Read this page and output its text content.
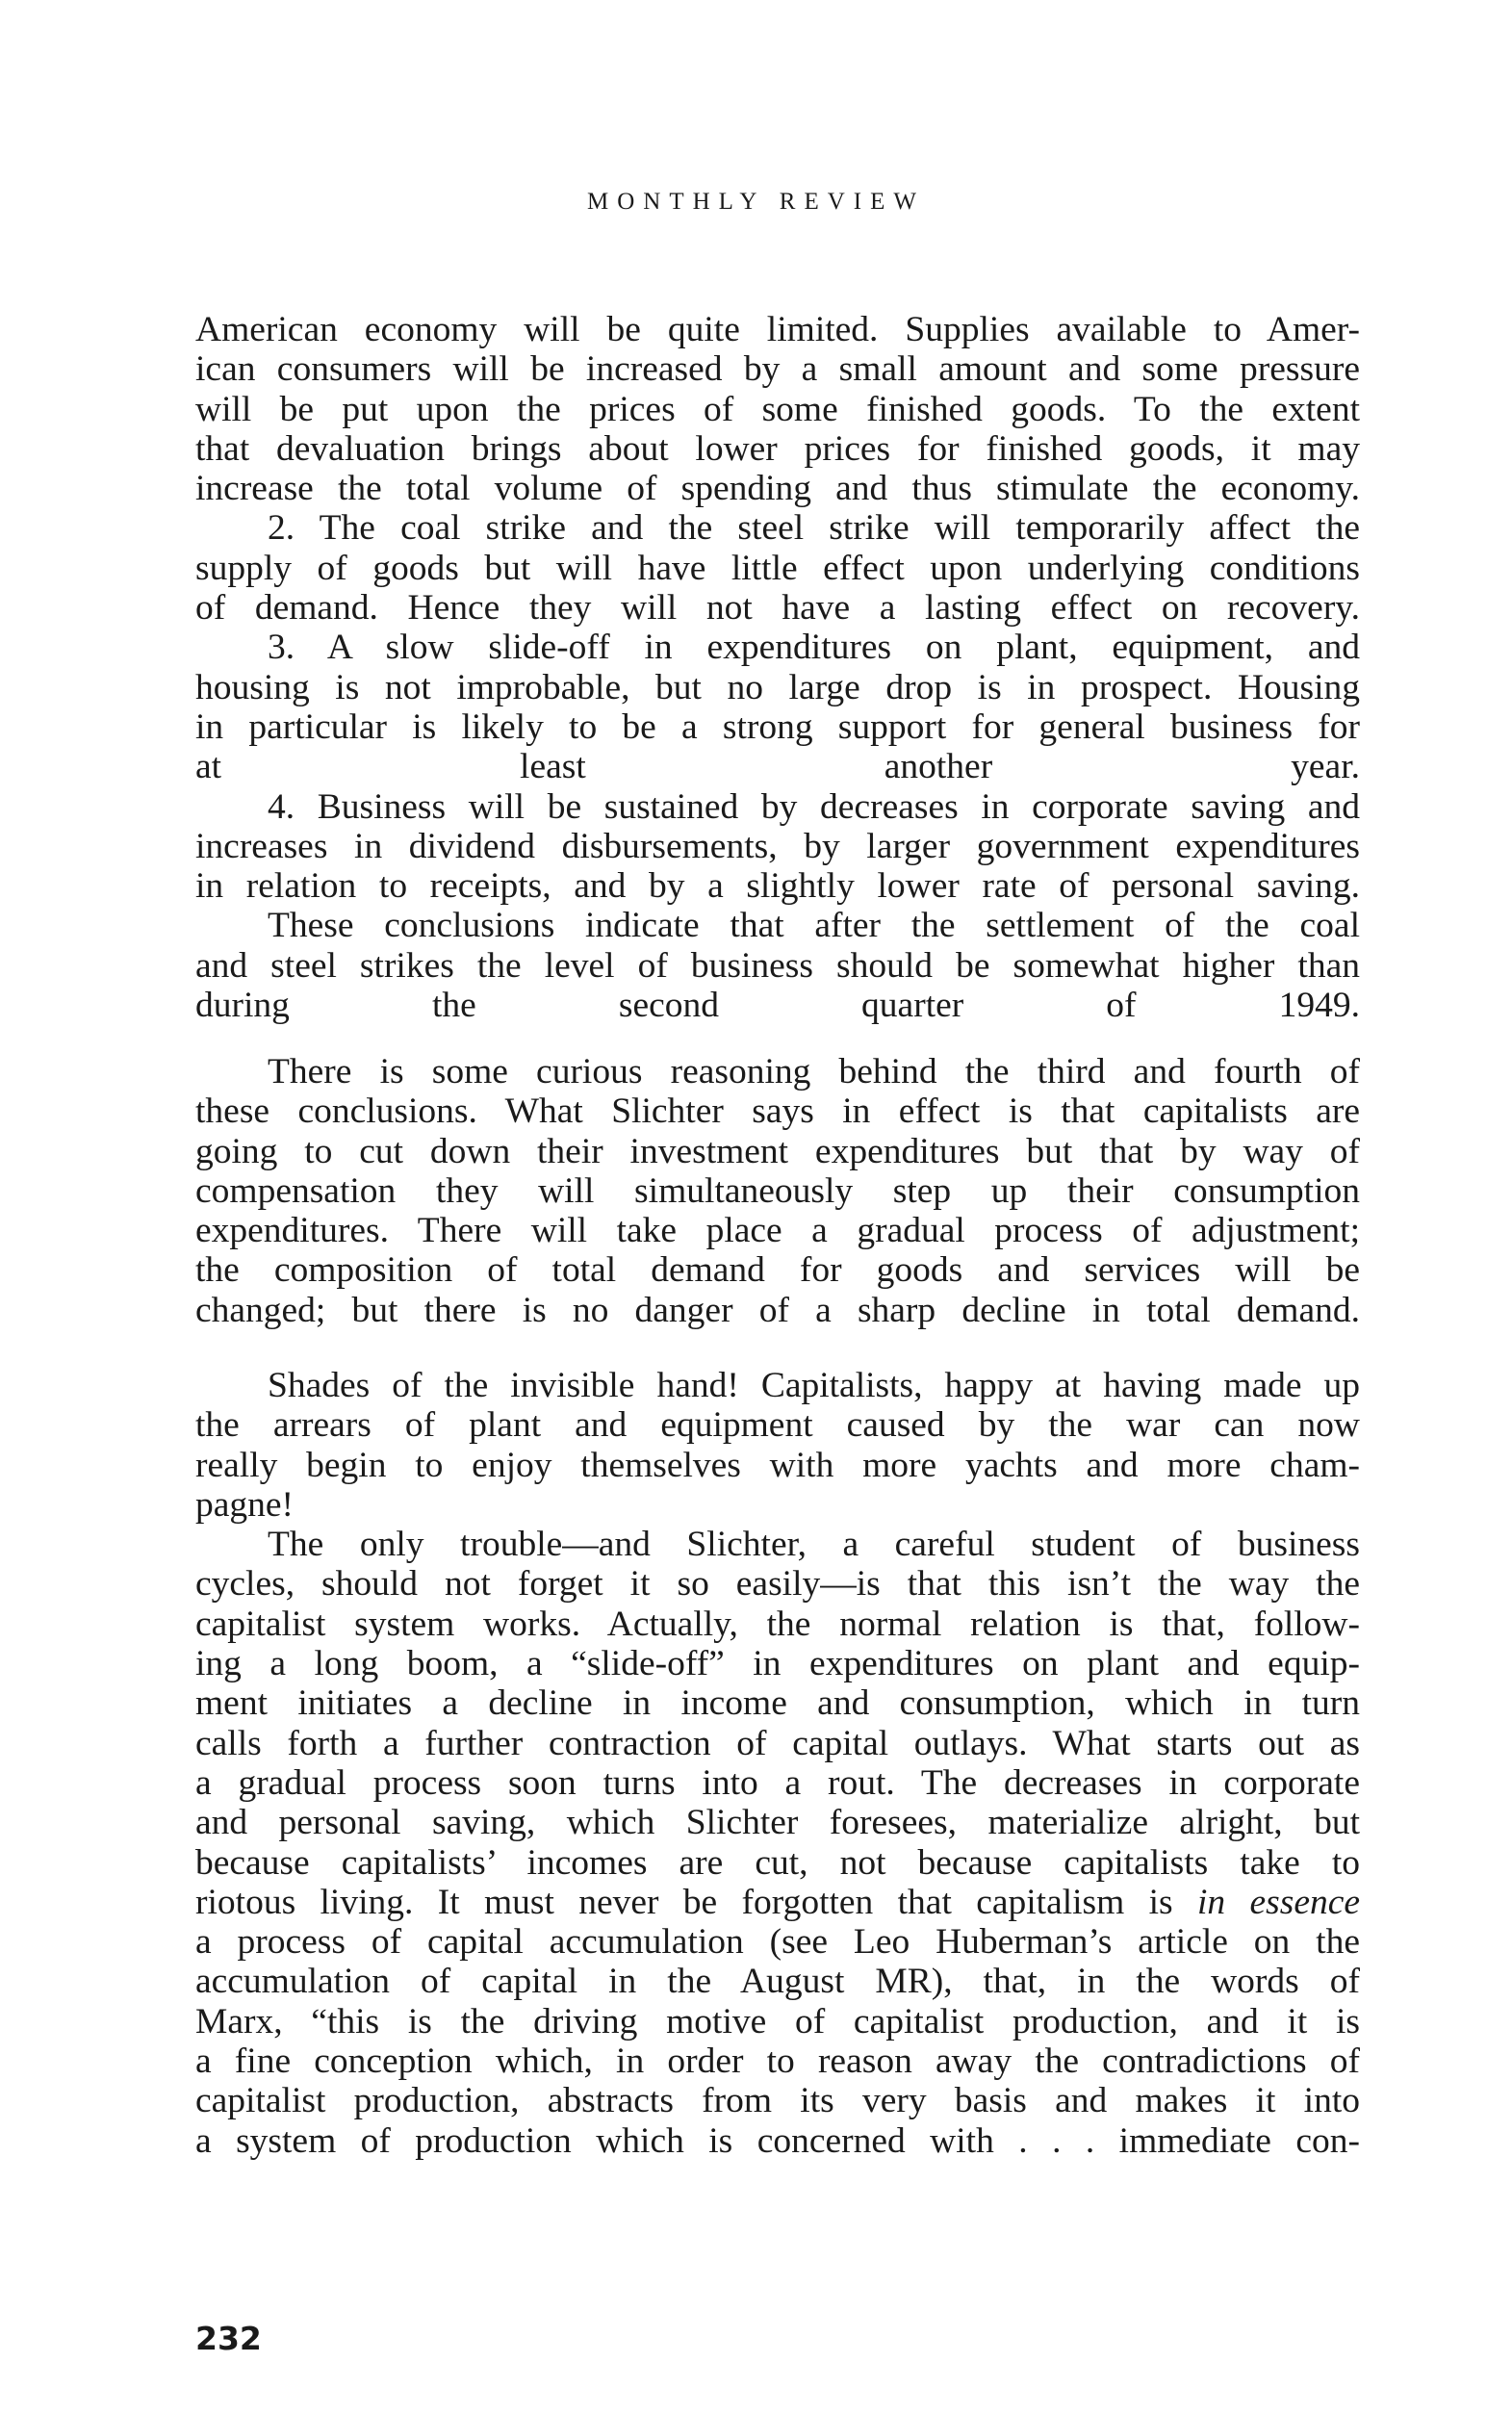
MONTHLY REVIEW

American economy will be quite limited. Supplies available to Amer-
ican consumers will be increased by a small amount and some pressure
will be put upon the prices of some finished goods. To the extent
that devaluation brings about lower prices for finished goods, it may
increase the total volume of spending and thus stimulate the economy.

2. The coal strike and the steel strike will temporarily affect the
supply of goods but will have little effect upon underlying conditions
of demand. Hence they will not have a lasting effect on recovery.

3. A slow slide-off in expenditures on plant, equipment, and
housing is not improbable, but no large drop is in prospect. Housing
in particular is likely to be a strong support for general business for
at least another year.

4. Business will be sustained by decreases in corporate saving and
increases in dividend disbursements, by larger government expenditures
in relation to receipts, and by a slightly lower rate of personal saving.

These conclusions indicate that after the settlement of the coal
and steel strikes the level of business should be somewhat higher than
during the second quarter of 1949.

There is some curious reasoning behind the third and fourth of
these conclusions. What Slichter says in effect is that capitalists are
going to cut down their investment expenditures but that by way of
compensation they will simultaneously step up their consumption
expenditures. There will take place a gradual process of adjustment;
the composition of total demand for goods and services will be
changed; but there is no danger of a sharp decline in total demand.

Shades of the invisible hand! Capitalists, happy at having made up
the arrears of plant and equipment caused by the war can now
really begin to enjoy themselves with more yachts and more cham-
pagne!

The only trouble—and Slichter, a careful student of business
cycles, should not forget it so easily—is that this isn’t the way the
capitalist system works. Actually, the normal relation is that, follow-
ing a long boom, a “slide-off” in expenditures on plant and equip-
ment initiates a decline in income and consumption, which in turn
calls forth a further contraction of capital outlays. What starts out as
a gradual process soon turns into a rout. The decreases in corporate
and personal saving, which Slichter foresees, materialize alright, but
because capitalists’ incomes are cut, not because capitalists take to
riotous living. It must never be forgotten that capitalism is in essence
a process of capital accumulation (see Leo Huberman’s article on the
accumulation of capital in the August MR), that, in the words of
Marx, “this is the driving motive of capitalist production, and it is
a fine conception which, in order to reason away the contradictions of
capitalist production, abstracts from its very basis and makes it into
a system of production which is concerned with . . . immediate con-

232
